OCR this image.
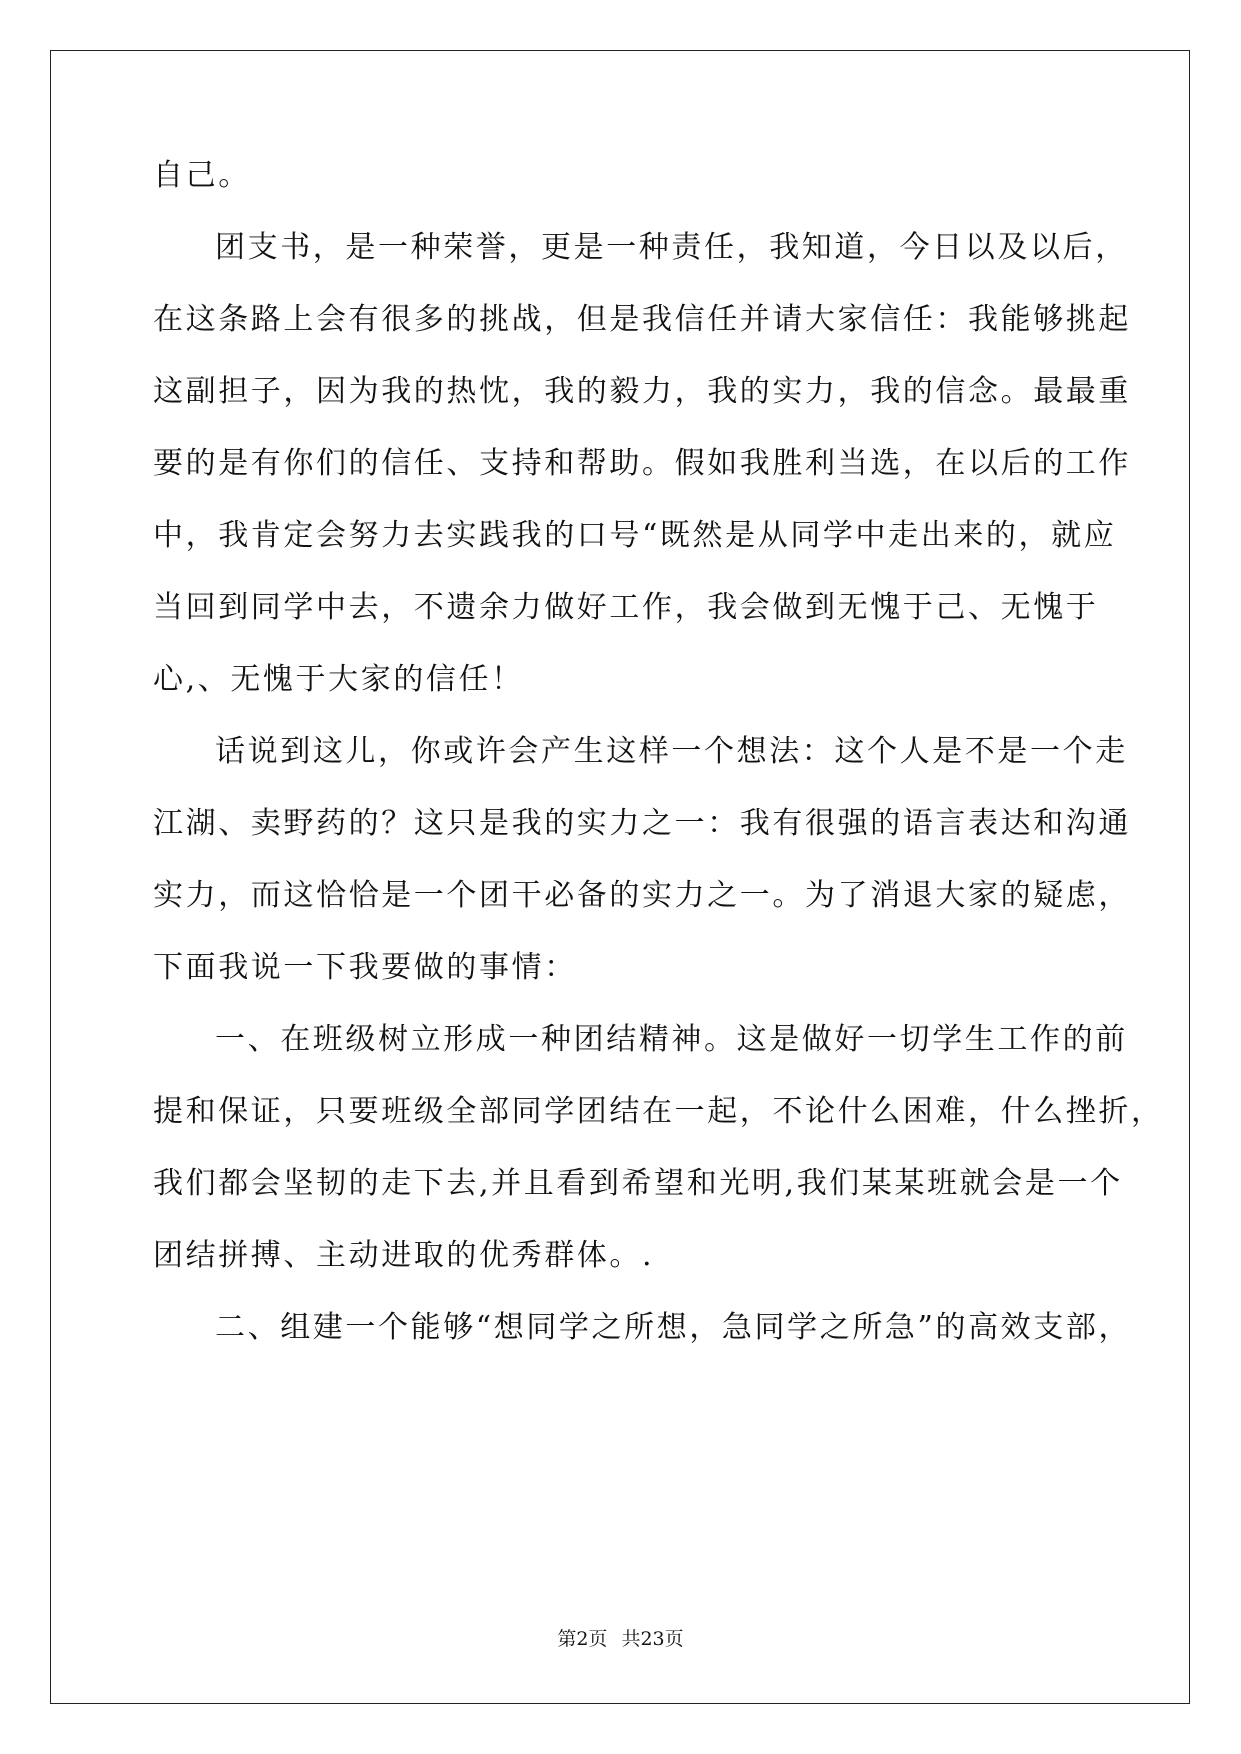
自己。
团支书，是一种荣誉，更是一种责任，我知道，今日以及以后，
在这条路上会有很多的挑战，但是我信任并请大家信任：我能够挑起
这副担子，因为我的热忱，我的毅力，我的实力，我的信念。最最重
要的是有你们的信任、支持和帮助。假如我胜利当选，在以后的工作
中，我肯定会努力去实践我的口号“既然是从同学中走出来的，就应
当回到同学中去，不遗余力做好工作，我会做到无愧于己、无愧于
心,、无愧于大家的信任！
话说到这儿，你或许会产生这样一个想法：这个人是不是一个走
江湖、卖野药的？这只是我的实力之一：我有很强的语言表达和沟通
实力，而这恰恰是一个团干必备的实力之一。为了消退大家的疑虑，
下面我说一下我要做的事情：
一、在班级树立形成一种团结精神。这是做好一切学生工作的前
提和保证，只要班级全部同学团结在一起，不论什么困难，什么挫折，
我们都会坚韧的走下去,并且看到希望和光明,我们某某班就会是一个
团结拼搏、主动进取的优秀群体。.
二、组建一个能够“想同学之所想，急同学之所急”的高效支部，
第2页 共23页
